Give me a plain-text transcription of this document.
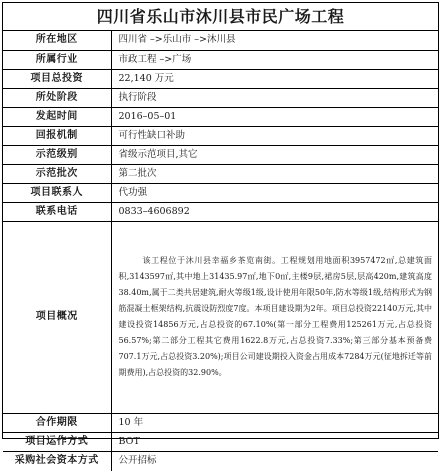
四川省乐山市沐川县市民广场工程
所在地区	四川省 –>乐山市 –>沐川县
所属行业	市政工程 –>广场
项目总投资	22,140 万元
所处阶段	执行阶段
发起时间	2016–05–01
回报机制	可行性缺口补助
示范级别	省级示范项目,其它
示范批次	第二批次
项目联系人	代功强
联系电话	0833–4606892
项目概况	该工程位于沐川县幸福乡茶览南街。工程规划用地面积3957472㎡,总建筑面积,3143597㎡,其中地上31435.97㎡,地下0㎡,主楼9层,裙房5层,层高420m,建筑高度38.40m,属于二类共居建筑,耐火等级1级,设计使用年限50年,防水等级1级,结构形式为钢筋混凝土框架结构,抗震设防烈度7度。本项目建设期为2年。项目总投资22140万元,其中建设投资14856万元,占总投资的67.10%(第一部分工程费用125261万元,占总投资56.57%;第二部分工程其它费用1622.8万元,占总投资7.33%;第三部分基本预备费707.1万元,占总投资3.20%);项目公司建设期投入资金占用成本7284万元(征地拆迁等前期费用),占总投资的32.90%。
合作期限	10 年
项目运作方式	BOT
采购社会资本方式	公开招标
